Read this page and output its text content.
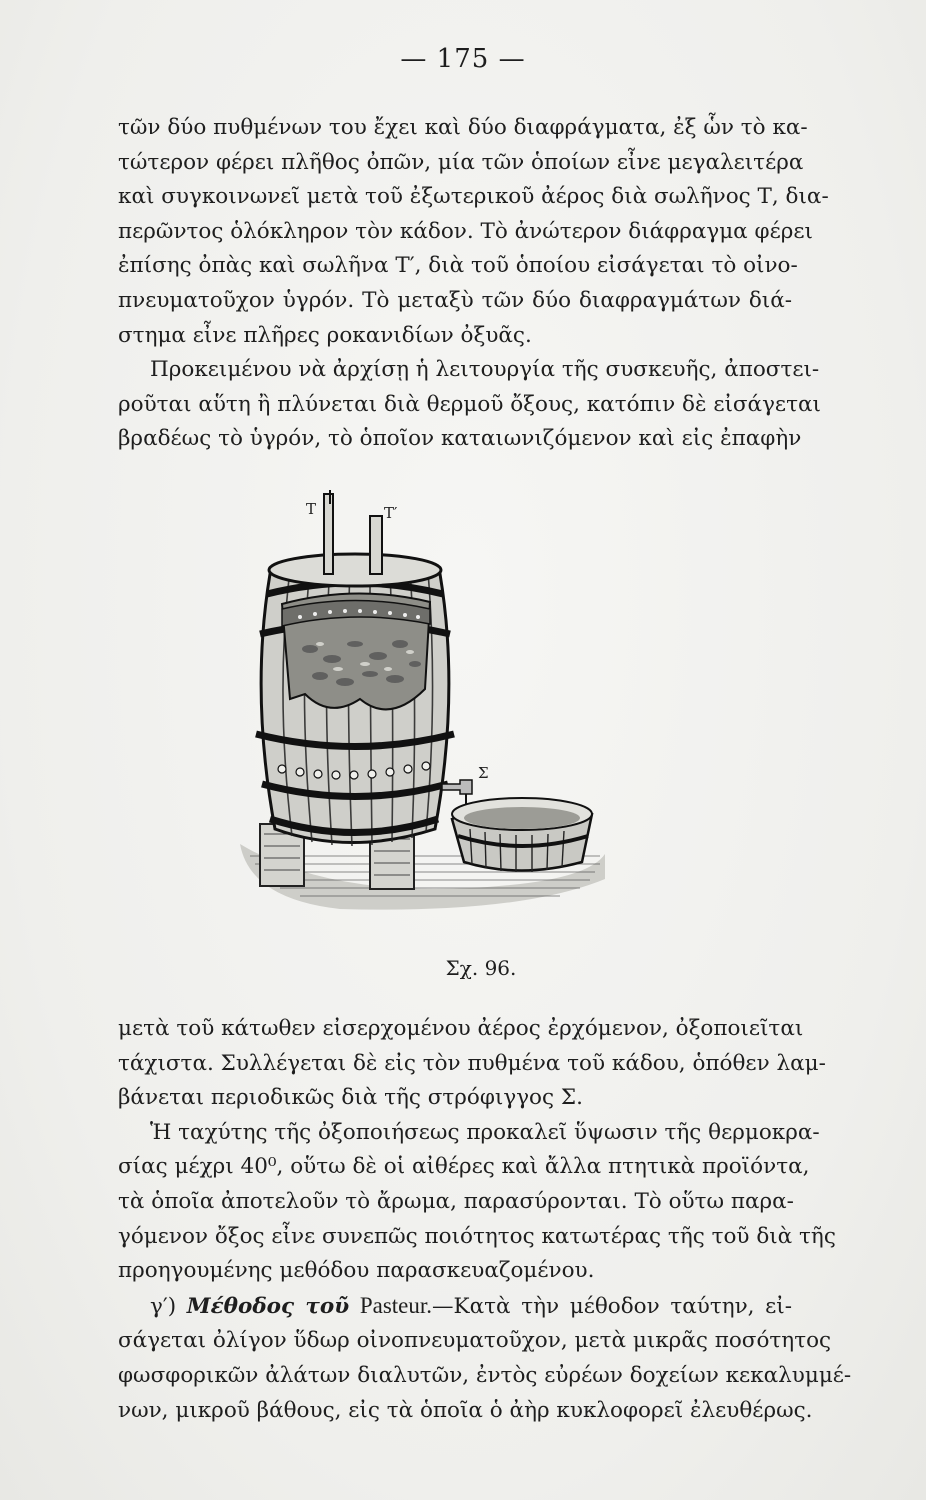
— 175 —
τῶν δύο πυθμένων του ἔχει καὶ δύο διαφράγματα, ἐξ ὧν τὸ κα-
τώτερον φέρει πλῆθος ὀπῶν, μία τῶν ὁποίων εἶνε μεγαλειτέρα
καὶ συγκοινωνεῖ μετὰ τοῦ ἐξωτερικοῦ ἀέρος διὰ σωλῆνος Τ, δια-
περῶντος ὁλόκληρον τὸν κάδον. Τὸ ἀνώτερον διάφραγμα φέρει
ἐπίσης ὀπὰς καὶ σωλῆνα Τ′, διὰ τοῦ ὁποίου εἰσάγεται τὸ οἰνο-
πνευματοῦχον ὑγρόν. Τὸ μεταξὺ τῶν δύο διαφραγμάτων διά-
στημα εἶνε πλῆρες ροκανιδίων ὀξυᾶς.
Προκειμένου νὰ ἀρχίσῃ ἡ λειτουργία τῆς συσκευῆς, ἀποστει-
ροῦται αὕτη ἢ πλύνεται διὰ θερμοῦ ὄξους, κατόπιν δὲ εἰσάγεται
βραδέως τὸ ὑγρόν, τὸ ὁποῖον καταιωνιζόμενον καὶ εἰς ἐπαφὴν
T	T′
Σ
Σχ. 96.
μετὰ τοῦ κάτωθεν εἰσερχομένου ἀέρος ἐρχόμενον, ὀξοποιεῖται
τάχιστα. Συλλέγεται δὲ εἰς τὸν πυθμένα τοῦ κάδου, ὁπόθεν λαμ-
βάνεται περιοδικῶς διὰ τῆς στρόφιγγος Σ.
Ἡ ταχύτης τῆς ὀξοποιήσεως προκαλεῖ ὕψωσιν τῆς θερμοκρα-
σίας μέχρι 40⁰, οὕτω δὲ οἱ αἰθέρες καὶ ἄλλα πτητικὰ προϊόντα,
τὰ ὁποῖα ἀποτελοῦν τὸ ἄρωμα, παρασύρονται. Τὸ οὕτω παρα-
γόμενον ὄξος εἶνε συνεπῶς ποιότητος κατωτέρας τῆς τοῦ διὰ τῆς
προηγουμένης μεθόδου παρασκευαζομένου.
γ′) Μέθοδος τοῦ Pasteur.—Κατὰ τὴν μέθοδον ταύτην, εἰ-
σάγεται ὀλίγον ὕδωρ οἰνοπνευματοῦχον, μετὰ μικρᾶς ποσότητος
φωσφορικῶν ἀλάτων διαλυτῶν, ἐντὸς εὐρέων δοχείων κεκαλυμμέ-
νων, μικροῦ βάθους, εἰς τὰ ὁποῖα ὁ ἀὴρ κυκλοφορεῖ ἐλευθέρως.
